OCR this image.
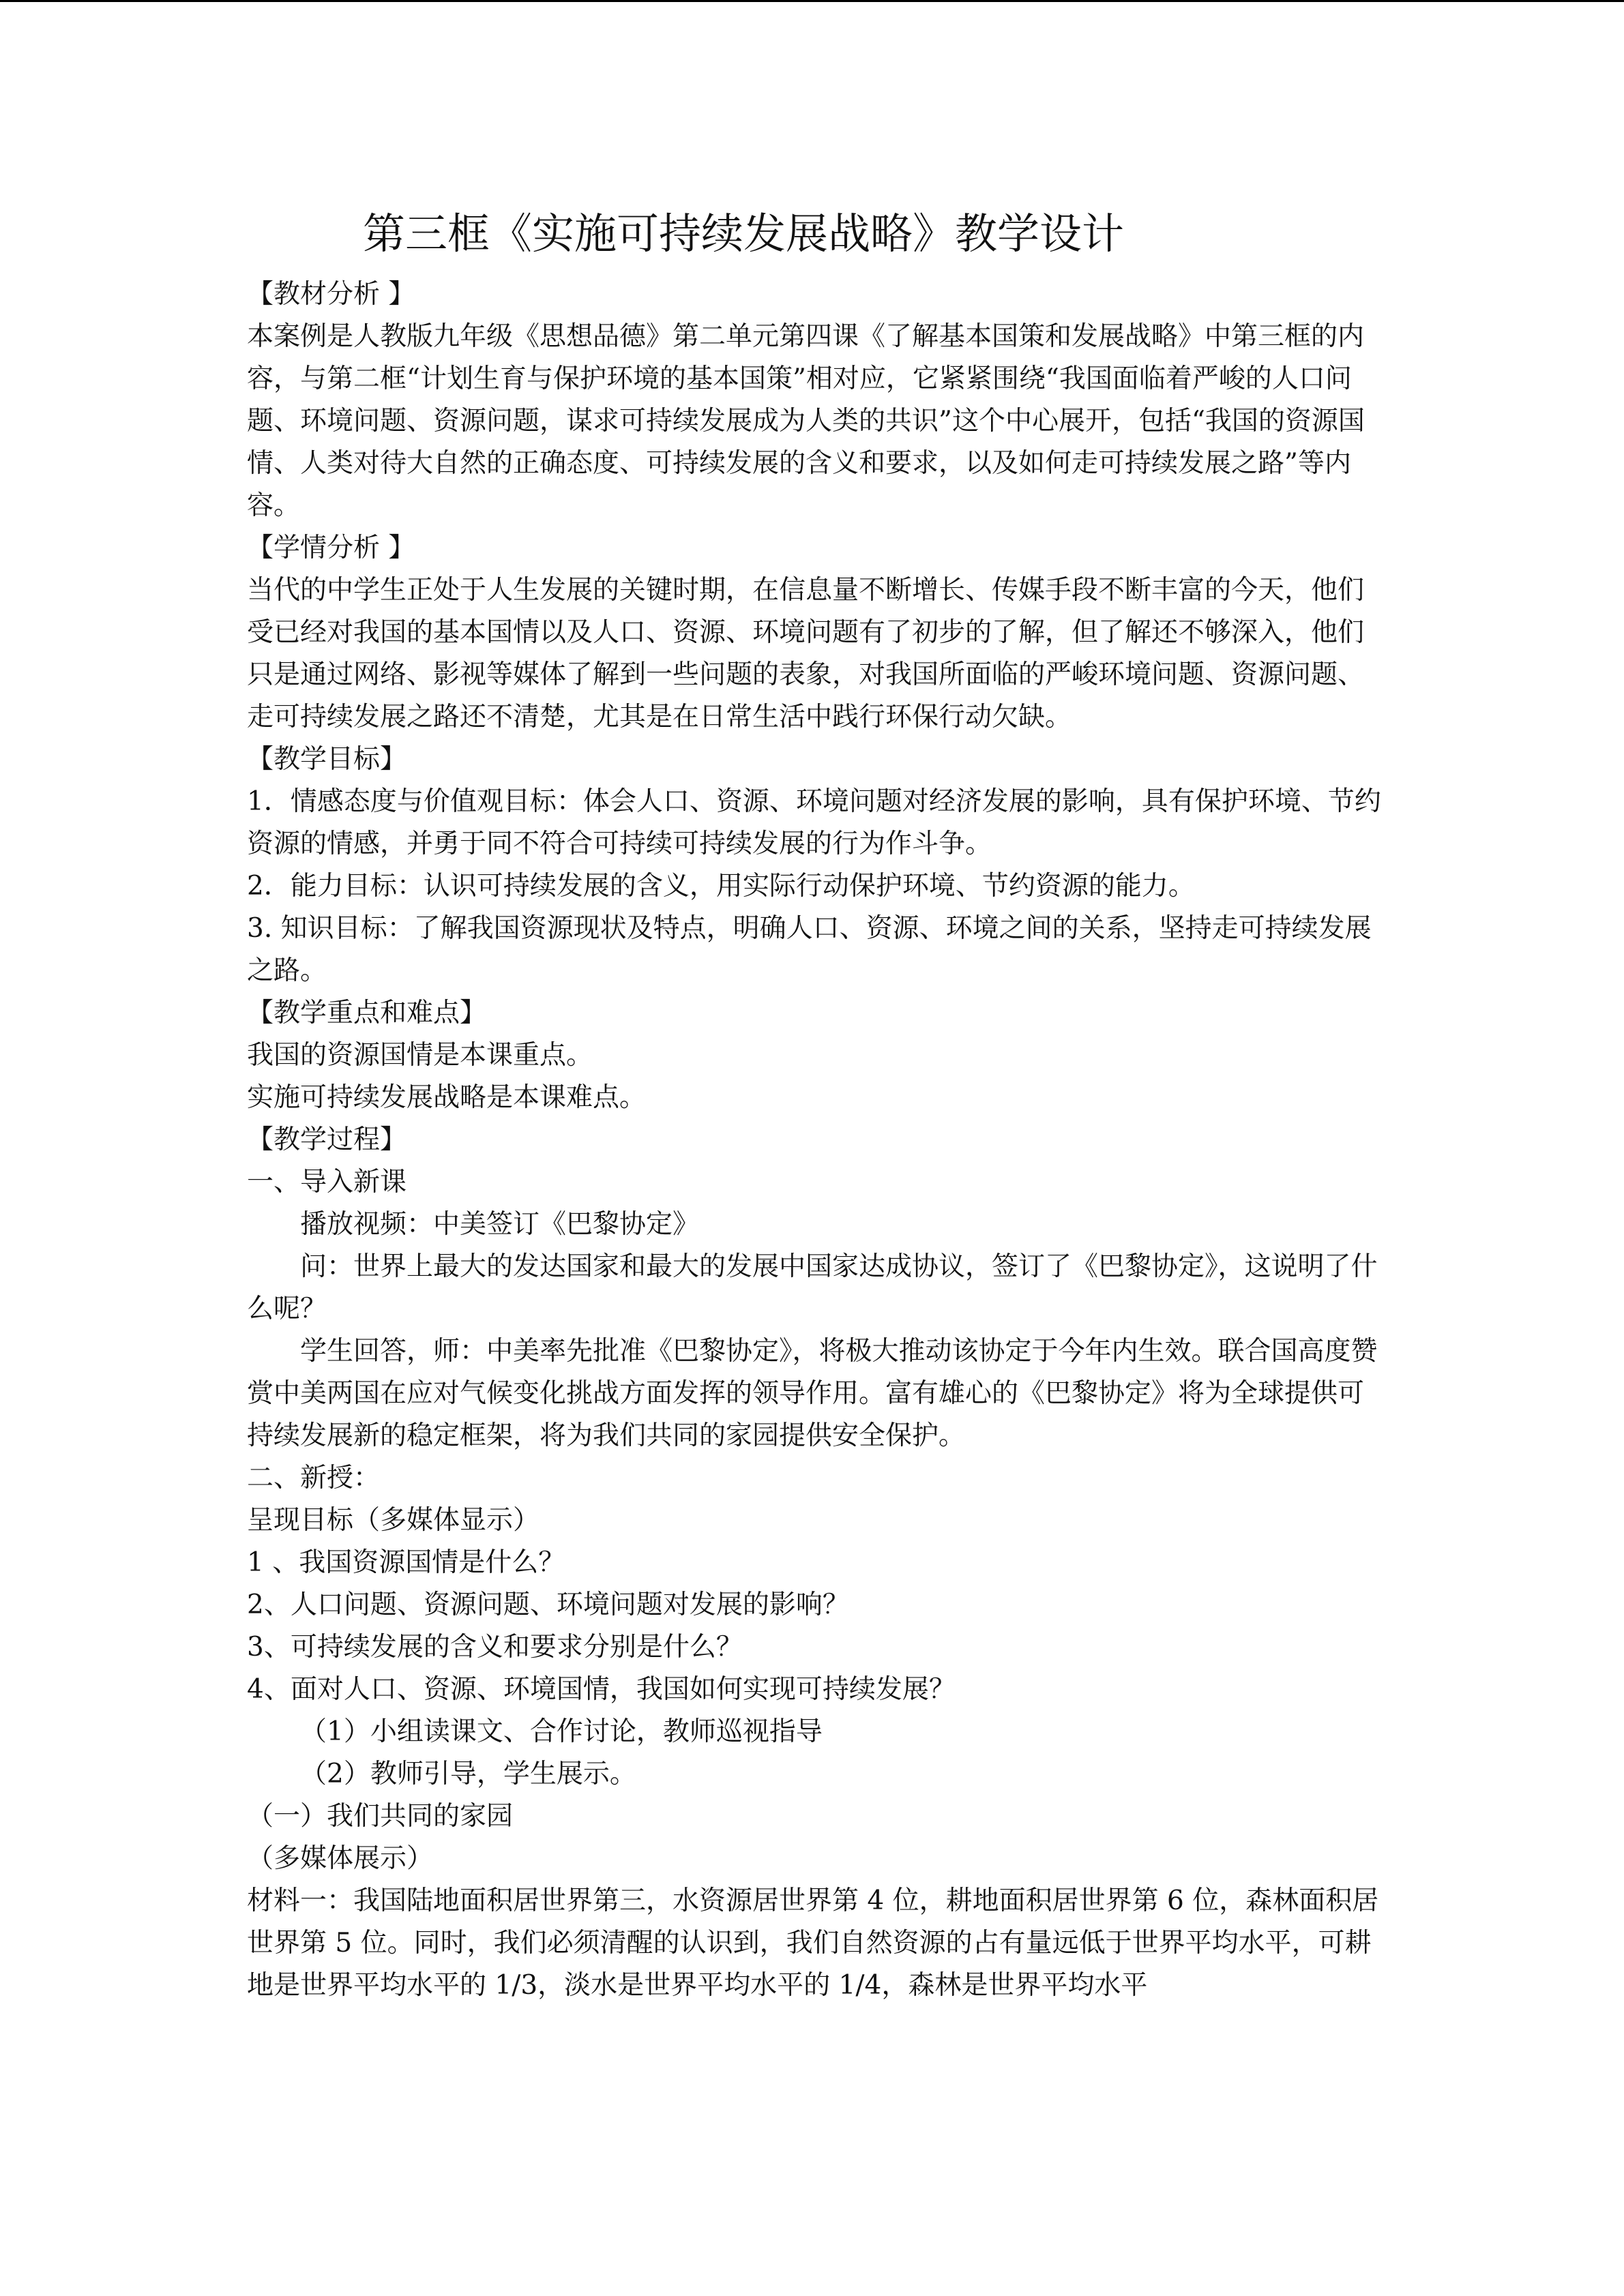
第三框《实施可持续发展战略》教学设计

【教材分析 】

本案例是人教版九年级《思想品德》第二单元第四课《了解基本国策和发展战略》中第三框的内容，与第二框“计划生育与保护环境的基本国策”相对应，它紧紧围绕“我国面临着严峻的人口问题、环境问题、资源问题，谋求可持续发展成为人类的共识”这个中心展开，包括“我国的资源国情、人类对待大自然的正确态度、可持续发展的含义和要求，以及如何走可持续发展之路”等内容。

【学情分析 】

当代的中学生正处于人生发展的关键时期，在信息量不断增长、传媒手段不断丰富的今天，他们受已经对我国的基本国情以及人口、资源、环境问题有了初步的了解，但了解还不够深入，他们只是通过网络、影视等媒体了解到一些问题的表象，对我国所面临的严峻环境问题、资源问题、走可持续发展之路还不清楚，尤其是在日常生活中践行环保行动欠缺。

【教学目标】

1．情感态度与价值观目标：体会人口、资源、环境问题对经济发展的影响，具有保护环境、节约资源的情感，并勇于同不符合可持续可持续发展的行为作斗争。

2．能力目标：认识可持续发展的含义，用实际行动保护环境、节约资源的能力。

3. 知识目标：了解我国资源现状及特点，明确人口、资源、环境之间的关系，坚持走可持续发展之路。

【教学重点和难点】

我国的资源国情是本课重点。

实施可持续发展战略是本课难点。

【教学过程】

一、导入新课

播放视频：中美签订《巴黎协定》

问：世界上最大的发达国家和最大的发展中国家达成协议，签订了《巴黎协定》，这说明了什么呢？

学生回答，师：中美率先批准《巴黎协定》，将极大推动该协定于今年内生效。联合国高度赞赏中美两国在应对气候变化挑战方面发挥的领导作用。富有雄心的《巴黎协定》将为全球提供可持续发展新的稳定框架，将为我们共同的家园提供安全保护。

二、新授：

呈现目标（多媒体显示）

1 、我国资源国情是什么？

2、人口问题、资源问题、环境问题对发展的影响？

3、可持续发展的含义和要求分别是什么？

4、面对人口、资源、环境国情，我国如何实现可持续发展？

（1）小组读课文、合作讨论，教师巡视指导

（2）教师引导，学生展示。

（一）我们共同的家园

（多媒体展示）

材料一：我国陆地面积居世界第三，水资源居世界第 4 位，耕地面积居世界第 6 位，森林面积居世界第 5 位。同时，我们必须清醒的认识到，我们自然资源的占有量远低于世界平均水平，可耕地是世界平均水平的 1/3，淡水是世界平均水平的 1/4，森林是世界平均水平
